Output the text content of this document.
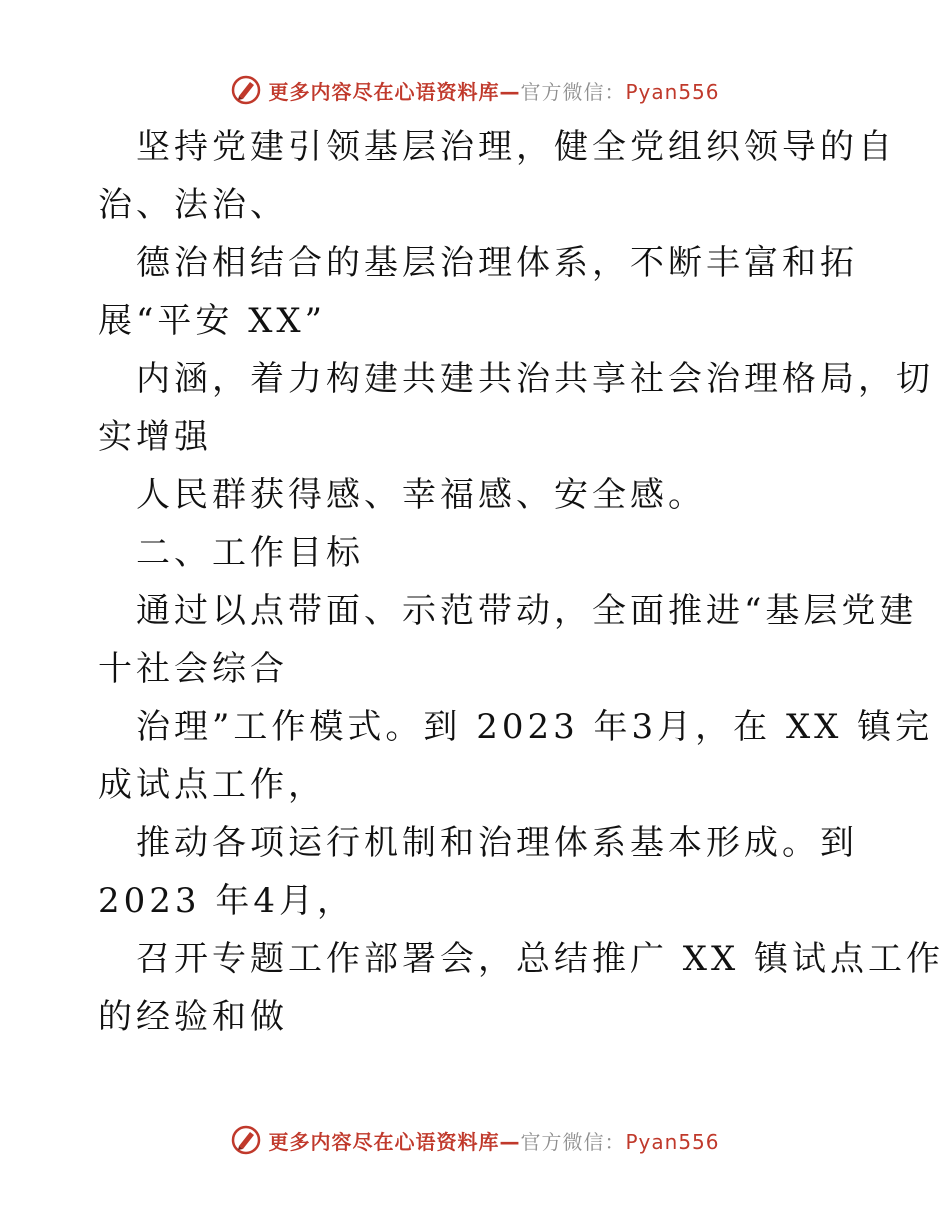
更多内容尽在心语资料库—官方微信：Pyan556
坚持党建引领基层治理，健全党组织领导的自
治、法治、
德治相结合的基层治理体系，不断丰富和拓
展“平安 XX”
内涵，着力构建共建共治共享社会治理格局，切
实增强
人民群获得感、幸福感、安全感。
二、工作目标
通过以点带面、示范带动，全面推进“基层党建
十社会综合
治理”工作模式。到 2023 年3月，在 XX 镇完
成试点工作，
推动各项运行机制和治理体系基本形成。到
2023 年4月，
召开专题工作部署会，总结推广 XX 镇试点工作
的经验和做
更多内容尽在心语资料库—官方微信：Pyan556
